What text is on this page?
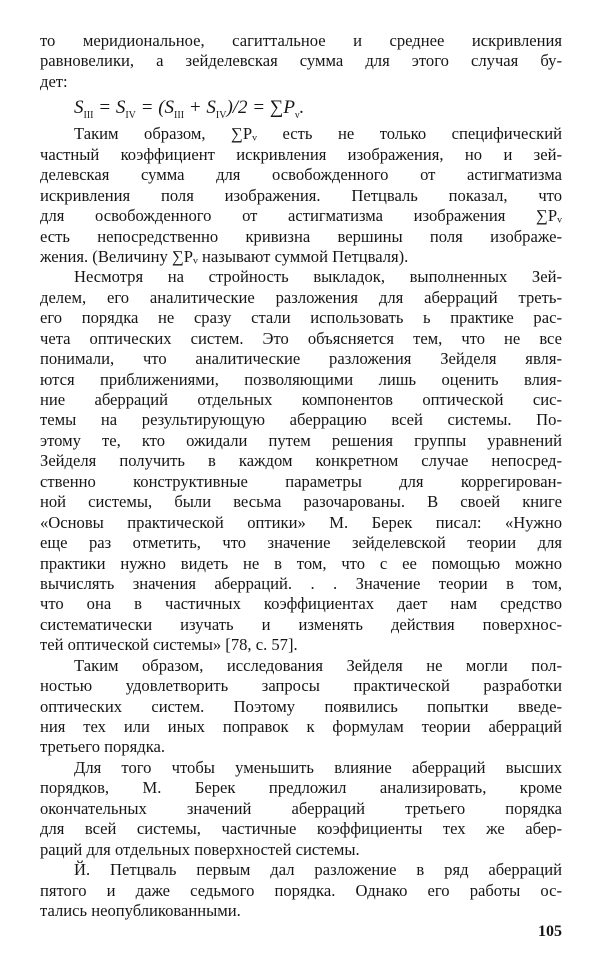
то меридиональное, сагиттальное и среднее искривления
равновелики, а зейделевская сумма для этого случая бу-
дет:
$S_{III} = S_{IV} = (S_{III} + S_{IV})/2 = \sum P_\nu$.
Таким образом, ∑Pᵥ есть не только специфический
частный коэффициент искривления изображения, но и зей-
делевская сумма для освобожденного от астигматизма
искривления поля изображения. Петцваль показал, что
для освобожденного от астигматизма изображения ∑Pᵥ
есть непосредственно кривизна вершины поля изображе-
жения. (Величину ∑Pᵥ называют суммой Петцваля).
Несмотря на стройность выкладок, выполненных Зей-
делем, его аналитические разложения для аберраций треть-
его порядка не сразу стали использовать ь практике рас-
чета оптических систем. Это объясняется тем, что не все
понимали, что аналитические разложения Зейделя явля-
ются приближениями, позволяющими лишь оценить влия-
ние аберраций отдельных компонентов оптической сис-
темы на результирующую аберрацию всей системы. По-
этому те, кто ожидали путем решения группы уравнений
Зейделя получить в каждом конкретном случае непосред-
ственно конструктивные параметры для коррегирован-
ной системы, были весьма разочарованы. В своей книге
«Основы практической оптики» М. Берек писал: «Нужно
еще раз отметить, что значение зейделевской теории для
практики нужно видеть не в том, что с ее помощью можно
вычислять значения аберраций. . . Значение теории в том,
что она в частичных коэффициентах дает нам средство
систематически изучать и изменять действия поверхнос-
тей оптической системы» [78, с. 57].
Таким образом, исследования Зейделя не могли пол-
ностью удовлетворить запросы практической разработки
оптических систем. Поэтому появились попытки введе-
ния тех или иных поправок к формулам теории аберраций
третьего порядка.
Для того чтобы уменьшить влияние аберраций высших
порядков, М. Берек предложил анализировать, кроме
окончательных значений аберраций третьего порядка
для всей системы, частичные коэффициенты тех же абер-
раций для отдельных поверхностей системы.
Й. Петцваль первым дал разложение в ряд аберраций
пятого и даже седьмого порядка. Однако его работы ос-
тались неопубликованными.
105
